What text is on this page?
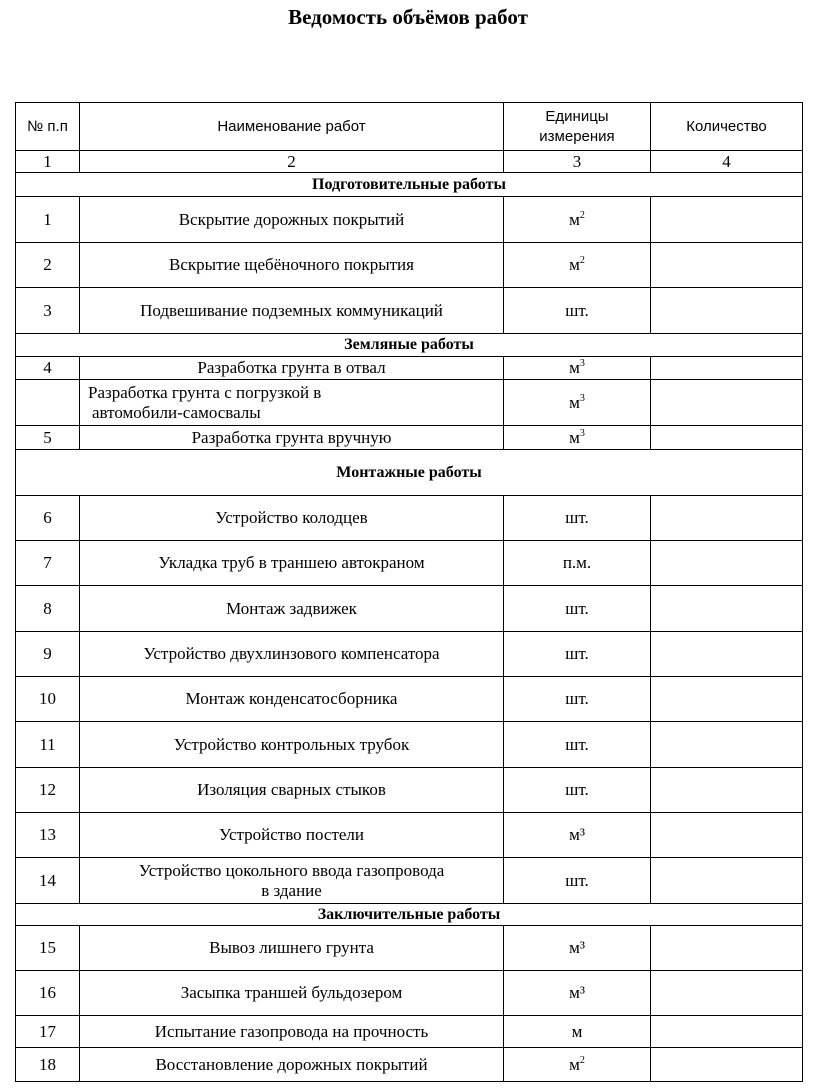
Ведомость объёмов работ
№ п.п	Наименование работ	Единицы измерения	Количество
1	2	3	4
Подготовительные работы			
1	Вскрытие дорожных покрытий	$м^2$	
2	Вскрытие щебёночного покрытия	$м^2$	
3	Подвешивание подземных коммуникаций	шт.	
Земляные работы			
4	Разработка грунта в отвал	$м^3$	

	Разработка грунта с погрузкой в
автомобили-самосвалы	$м^3$	
5	Разработка грунта вручную	$м^3$	
Монтажные работы			
6	Устройство колодцев	шт.	
7	Укладка труб в траншею автокраном	п.м.	
8	Монтаж задвижек	шт.	
9	Устройство двухлинзового компенсатора	шт.	
10	Монтаж конденсатосборника	шт.	
11	Устройство контрольных трубок	шт.	
12	Изоляция сварных стыков	шт.	
13	Устройство постели	м³	
14	Устройство цокольного ввода газопровода
в здание	шт.	
Заключительные работы			
15	Вывоз лишнего грунта	м³	
16	Засыпка траншей бульдозером	м³	
17	Испытание газопровода на прочность	м	
18	Восстановление дорожных покрытий	$м^2$	
